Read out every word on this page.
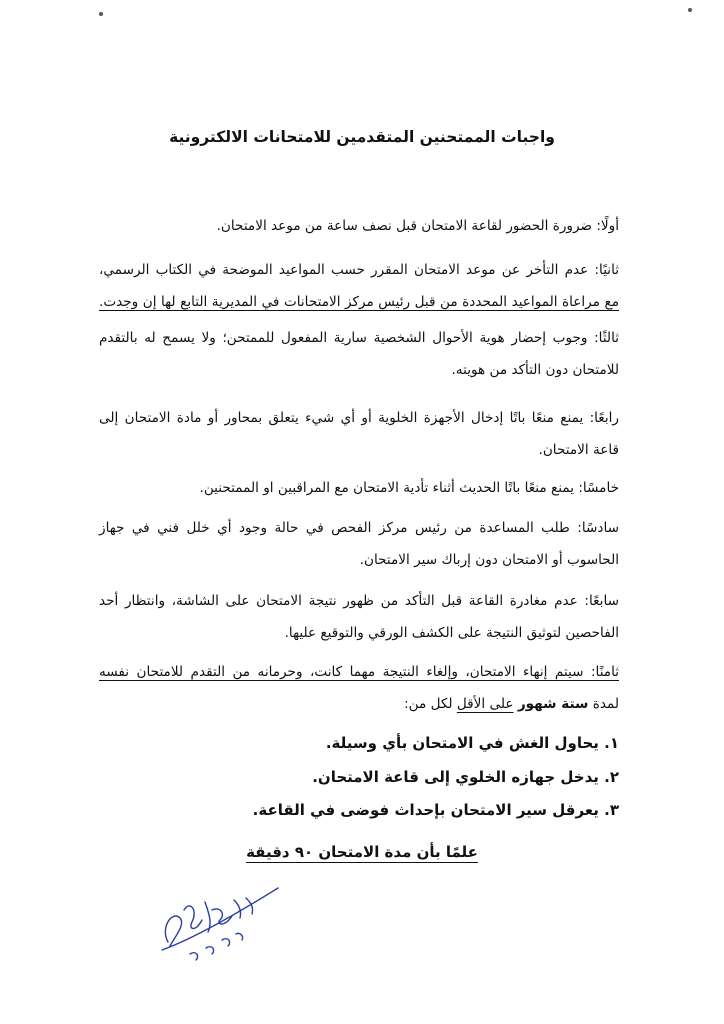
واجبات الممتحنين المتقدمين للامتحانات الالكترونية
أولًا: ضرورة الحضور لقاعة الامتحان قبل نصف ساعة من موعد الامتحان.
ثانيًا: عدم التأخر عن موعد الامتحان المقرر حسب المواعيد الموضحة في الكتاب الرسمي،
مع مراعاة المواعيد المحددة من قبل رئيس مركز الامتحانات في المديرية التابع لها إن وجدت.
ثالثًا: وجوب إحضار هوية الأحوال الشخصية سارية المفعول للممتحن؛ ولا يسمح له بالتقدم
للامتحان دون التأكد من هويته.
رابعًا: يمنع منعًا باتًا إدخال الأجهزة الخلوية أو أي شيء يتعلق بمحاور أو مادة الامتحان إلى
قاعة الامتحان.
خامسًا: يمنع منعًا باتًا الحديث أثناء تأدية الامتحان مع المراقبين او الممتحنين.
سادسًا: طلب المساعدة من رئيس مركز الفحص في حالة وجود أي خلل فني في جهاز
الحاسوب أو الامتحان دون إرباك سير الامتحان.
سابعًا: عدم مغادرة القاعة قبل التأكد من ظهور نتيجة الامتحان على الشاشة، وانتظار أحد
الفاحصين لتوثيق النتيجة على الكشف الورقي والتوقيع عليها.
ثامنًا: سيتم إنهاء الامتحان، وإلغاء النتيجة مهما كانت، وحرمانه من التقدم للامتحان نفسه
لمدة ستة شهور على الأقل لكل من:
١. يحاول الغش في الامتحان بأي وسيلة.
٢. يدخل جهازه الخلوي إلى قاعة الامتحان.
٣. يعرقل سير الامتحان بإحداث فوضى في القاعة.
علمًا بأن مدة الامتحان ٩٠ دقيقة
